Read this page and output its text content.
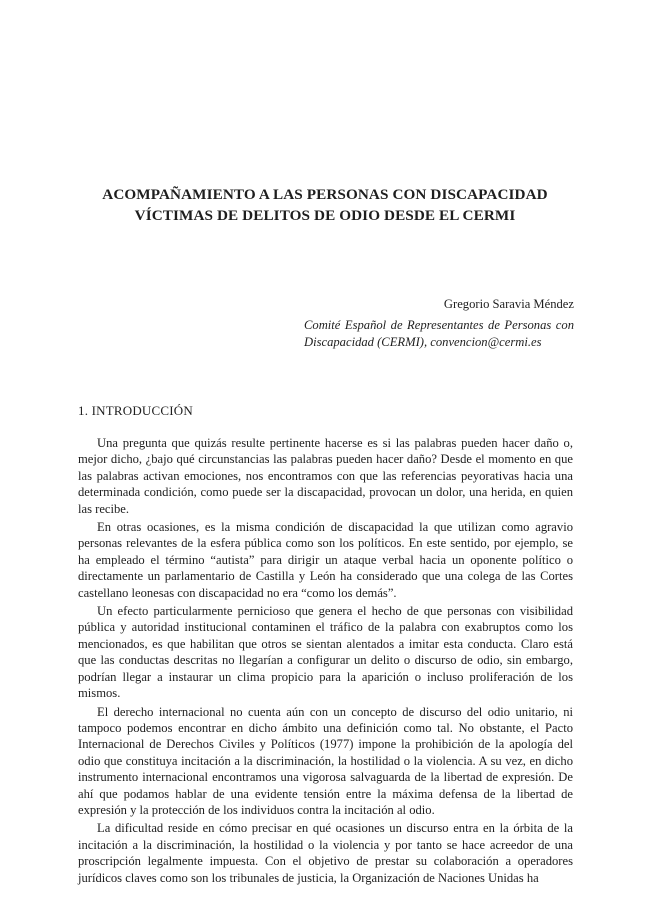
ACOMPAÑAMIENTO A LAS PERSONAS CON DISCAPACIDAD
VÍCTIMAS DE DELITOS DE ODIO DESDE EL CERMI
Gregorio Saravia Méndez
Comité Español de Representantes de Personas con Discapacidad (CERMI), convencion@cermi.es
1. INTRODUCCIÓN

Una pregunta que quizás resulte pertinente hacerse es si las palabras pueden hacer daño o, mejor dicho, ¿bajo qué circunstancias las palabras pueden hacer daño? Desde el momento en que las palabras activan emociones, nos encontramos con que las referencias peyorativas hacia una determinada condición, como puede ser la discapacidad, provocan un dolor, una herida, en quien las recibe.

En otras ocasiones, es la misma condición de discapacidad la que utilizan como agravio personas relevantes de la esfera pública como son los políticos. En este sentido, por ejemplo, se ha empleado el término “autista” para dirigir un ataque verbal hacia un oponente político o directamente un parlamentario de Castilla y León ha considerado que una colega de las Cortes castellano leonesas con discapacidad no era “como los demás”.

Un efecto particularmente pernicioso que genera el hecho de que personas con visibilidad pública y autoridad institucional contaminen el tráfico de la palabra con exabruptos como los mencionados, es que habilitan que otros se sientan alentados a imitar esta conducta. Claro está que las conductas descritas no llegarían a configurar un delito o discurso de odio, sin embargo, podrían llegar a instaurar un clima propicio para la aparición o incluso proliferación de los mismos.

El derecho internacional no cuenta aún con un concepto de discurso del odio unitario, ni tampoco podemos encontrar en dicho ámbito una definición como tal. No obstante, el Pacto Internacional de Derechos Civiles y Políticos (1977) impone la prohibición de la apología del odio que constituya incitación a la discriminación, la hostilidad o la violencia. A su vez, en dicho instrumento internacional encontramos una vigorosa salvaguarda de la libertad de expresión. De ahí que podamos hablar de una evidente tensión entre la máxima defensa de la libertad de expresión y la protección de los individuos contra la incitación al odio.

La dificultad reside en cómo precisar en qué ocasiones un discurso entra en la órbita de la incitación a la discriminación, la hostilidad o la violencia y por tanto se hace acreedor de una proscripción legalmente impuesta. Con el objetivo de prestar su colaboración a operadores jurídicos claves como son los tribunales de justicia, la Organización de Naciones Unidas ha
